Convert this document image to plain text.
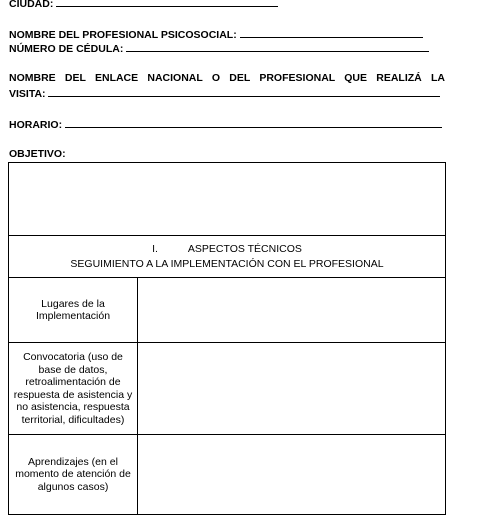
CIUDAD:
NOMBRE DEL PROFESIONAL PSICOSOCIAL:
NÚMERO DE CÉDULA:
NOMBRE DEL ENLACE NACIONAL O DEL PROFESIONAL QUE REALIZÁ LA
VISITA:
HORARIO:
OBJETIVO:

I. ASPECTOS TÉCNICOS
SEGUIMIENTO A LA IMPLEMENTACIÓN CON EL PROFESIONAL	

Lugares de la Implementación	
Convocatoria (uso de base de datos, retroalimentación de respuesta de asistencia y no asistencia, respuesta territorial, dificultades)	
Aprendizajes (en el momento de atención de algunos casos)	
